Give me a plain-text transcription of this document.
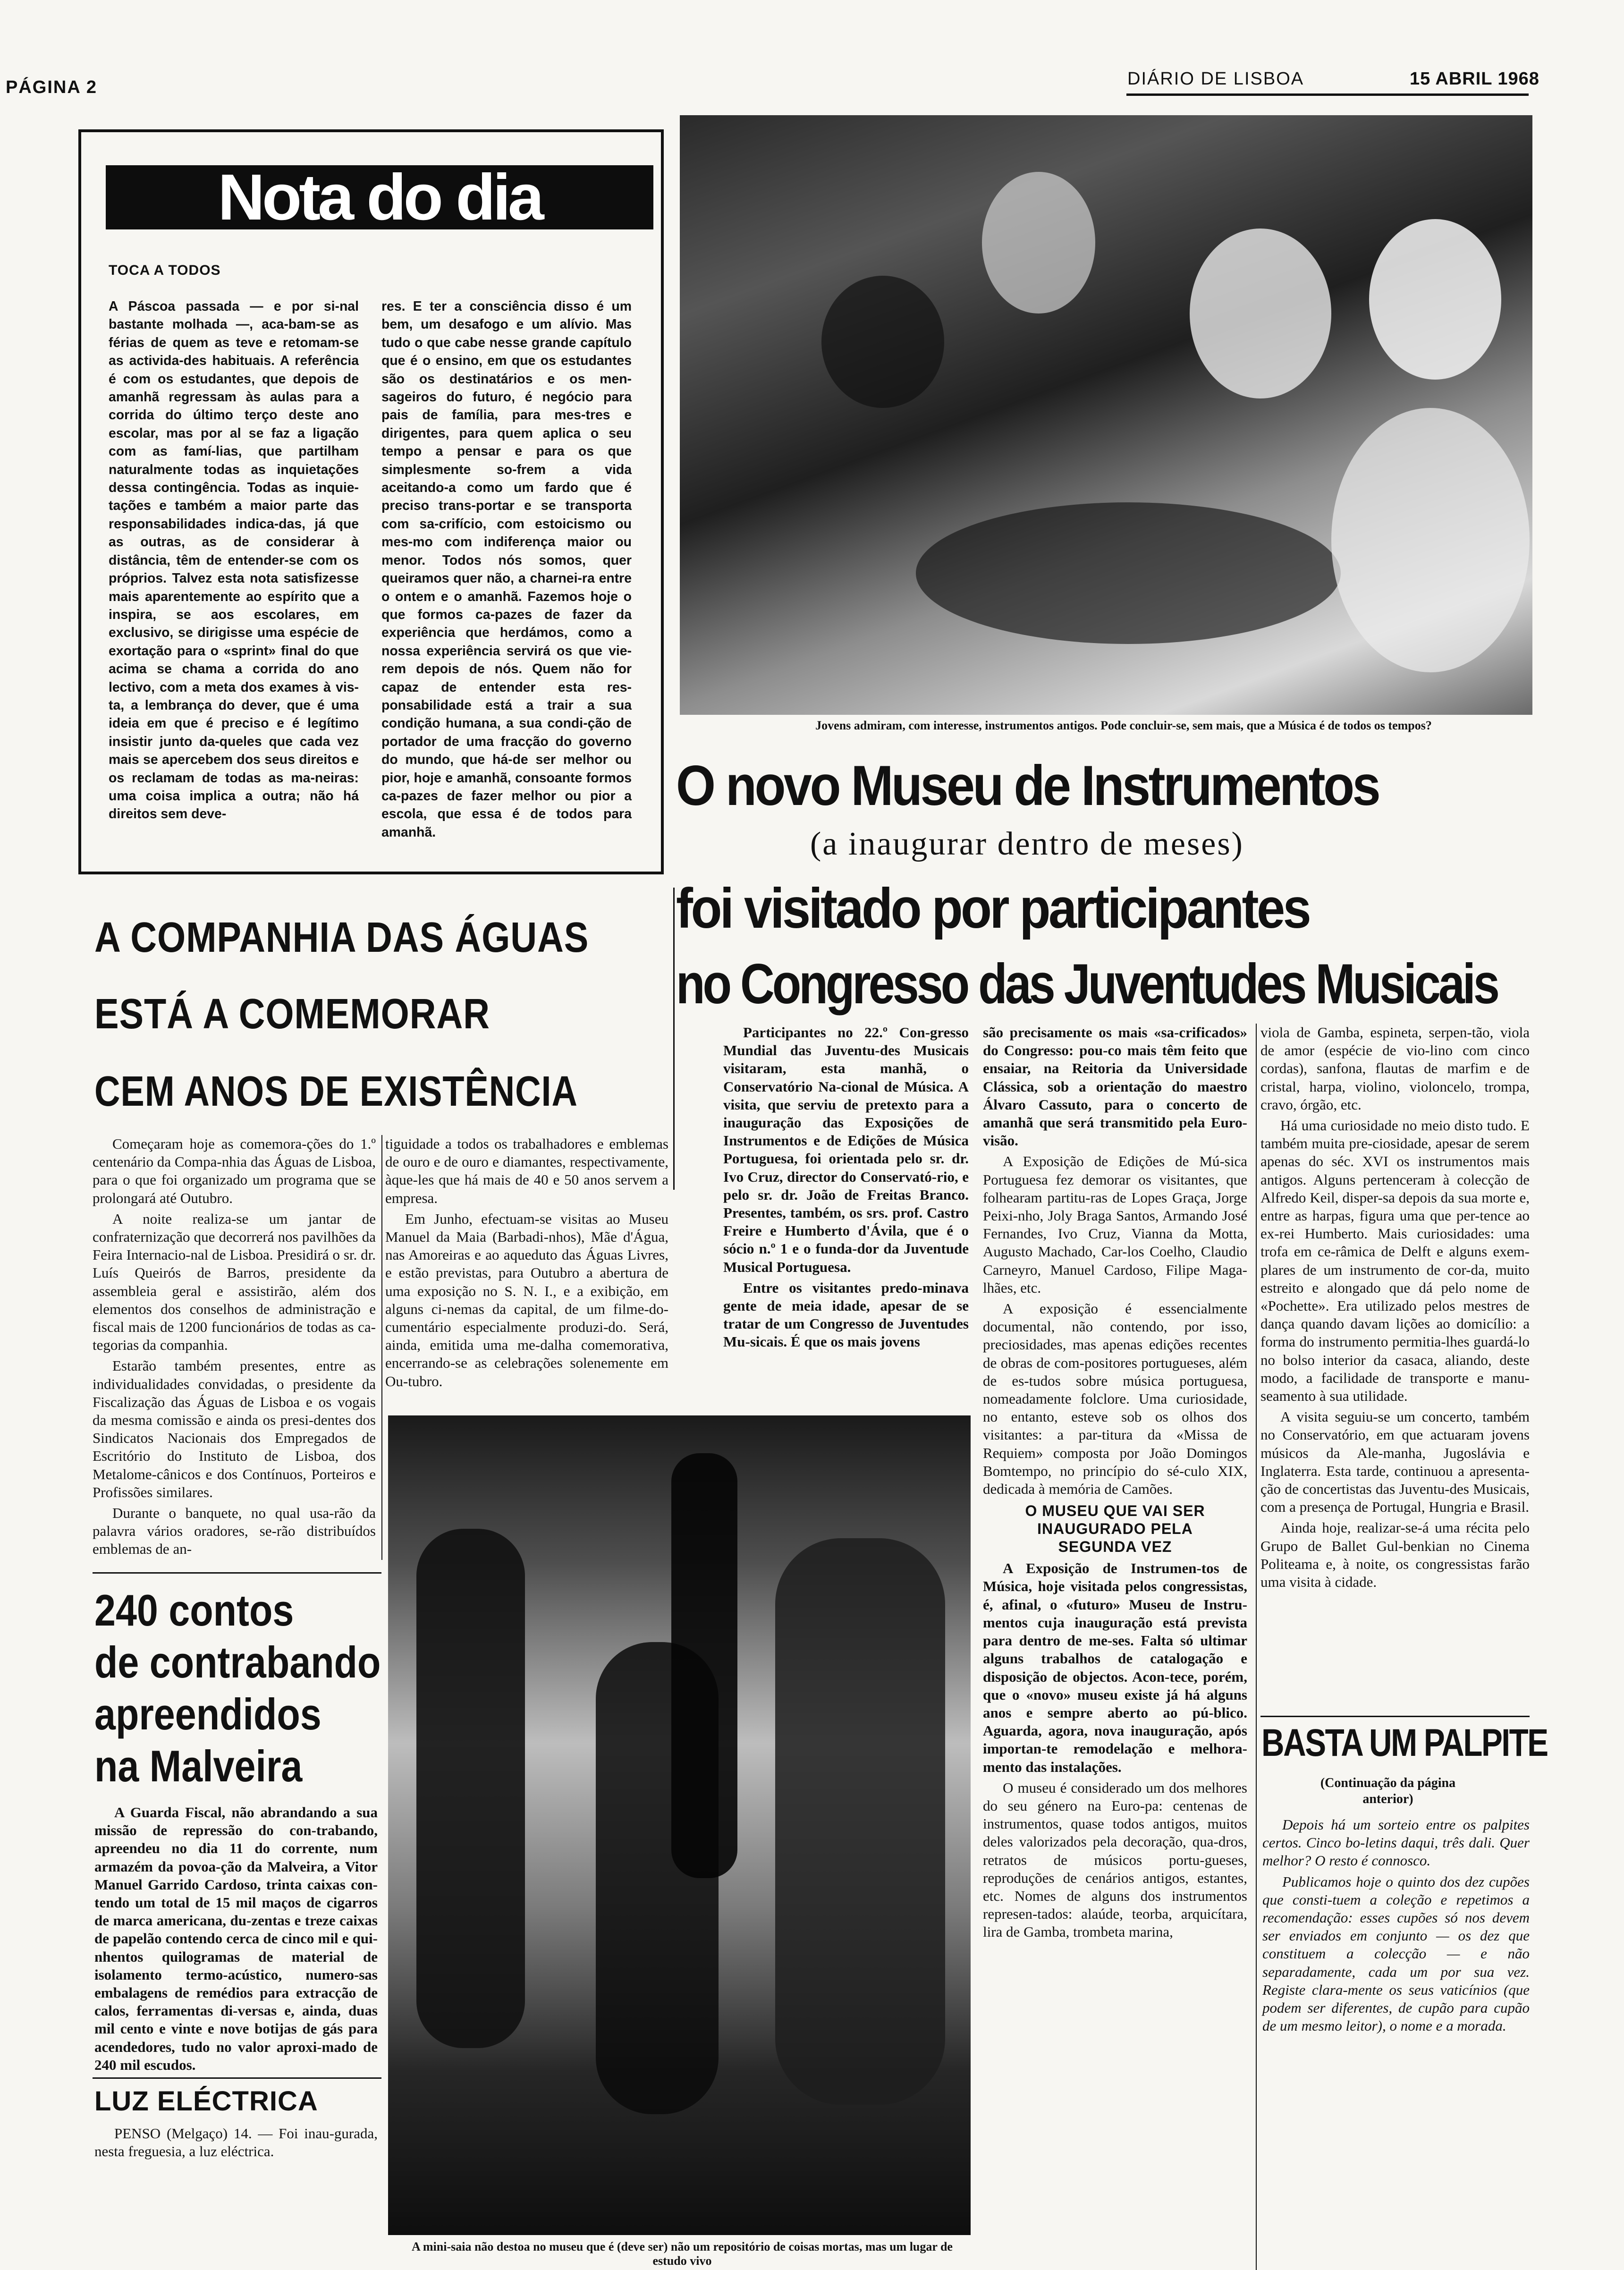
PÁGINA 2	DIÁRIO DE LISBOA	15 ABRIL 1968
Nota do dia
TOCA A TODOS
A Páscoa passada — e por si-nal bastante molhada —, aca-bam-se as férias de quem as teve e retomam-se as activida-des habituais. A referência é com os estudantes, que depois de amanhã regressam às aulas para a corrida do último terço deste ano escolar, mas por al se faz a ligação com as famí-lias, que partilham naturalmente todas as inquietações dessa contingência. Todas as inquie-tações e também a maior parte das responsabilidades indica-das, já que as outras, as de considerar à distância, têm de entender-se com os próprios. Talvez esta nota satisfizesse mais aparentemente ao espírito que a inspira, se aos escolares, em exclusivo, se dirigisse uma espécie de exortação para o «sprint» final do que acima se chama a corrida do ano lectivo, com a meta dos exames à vis-ta, a lembrança do dever, que é uma ideia em que é preciso e é legítimo insistir junto da-queles que cada vez mais se apercebem dos seus direitos e os reclamam de todas as ma-neiras: uma coisa implica a outra; não há direitos sem deve-
res. E ter a consciência disso é um bem, um desafogo e um alívio. Mas tudo o que cabe nesse grande capítulo que é o ensino, em que os estudantes são os destinatários e os men-sageiros do futuro, é negócio para pais de família, para mes-tres e dirigentes, para quem aplica o seu tempo a pensar e para os que simplesmente so-frem a vida aceitando-a como um fardo que é preciso trans-portar e se transporta com sa-crifício, com estoicismo ou mes-mo com indiferença maior ou menor. Todos nós somos, quer queiramos quer não, a charnei-ra entre o ontem e o amanhã. Fazemos hoje o que formos ca-pazes de fazer da experiência que herdámos, como a nossa experiência servirá os que vie-rem depois de nós. Quem não for capaz de entender esta res-ponsabilidade está a trair a sua condição humana, a sua condi-ção de portador de uma fracção do governo do mundo, que há-de ser melhor ou pior, hoje e amanhã, consoante formos ca-pazes de fazer melhor ou pior a escola, que essa é de todos para amanhã.

Jovens admiram, com interesse, instrumentos antigos. Pode concluir-se, sem mais, que a Música é de todos os tempos?

O novo Museu de Instrumentos
(a inaugurar dentro de meses)
foi visitado por participantes
no Congresso das Juventudes Musicais

Participantes no 22.º Con-gresso Mundial das Juventu-des Musicais visitaram, esta manhã, o Conservatório Na-cional de Música. A visita, que serviu de pretexto para a inauguração das Exposições de Instrumentos e de Edições de Música Portuguesa, foi orientada pelo sr. dr. Ivo Cruz, director do Conservató-rio, e pelo sr. dr. João de Freitas Branco. Presentes, também, os srs. prof. Castro Freire e Humberto d'Ávila, que é o sócio n.º 1 e o funda-dor da Juventude Musical Portuguesa.

Entre os visitantes predo-minava gente de meia idade, apesar de se tratar de um Congresso de Juventudes Mu-sicais. É que os mais jovens

são precisamente os mais «sa-crificados» do Congresso: pou-co mais têm feito que ensaiar, na Reitoria da Universidade Clássica, sob a orientação do maestro Álvaro Cassuto, para o concerto de amanhã que será transmitido pela Euro-visão.

A Exposição de Edições de Mú-sica Portuguesa fez demorar os visitantes, que folhearam partitu-ras de Lopes Graça, Jorge Peixi-nho, Joly Braga Santos, Armando José Fernandes, Ivo Cruz, Vianna da Motta, Augusto Machado, Car-los Coelho, Claudio Carneyro, Manuel Cardoso, Filipe Maga-lhães, etc.

A exposição é essencialmente documental, não contendo, por isso, preciosidades, mas apenas edições recentes de obras de com-positores portugueses, além de es-tudos sobre música portuguesa, nomeadamente folclore. Uma curiosidade, no entanto, esteve sob os olhos dos visitantes: a par-titura da «Missa de Requiem» composta por João Domingos Bomtempo, no princípio do sé-culo XIX, dedicada à memória de Camões.

O MUSEU QUE VAI SER INAUGURADO PELA SEGUNDA VEZ

A Exposição de Instrumen-tos de Música, hoje visitada pelos congressistas, é, afinal, o «futuro» Museu de Instru-mentos cuja inauguração está prevista para dentro de me-ses. Falta só ultimar alguns trabalhos de catalogação e disposição de objectos. Acon-tece, porém, que o «novo» museu existe já há alguns anos e sempre aberto ao pú-blico. Aguarda, agora, nova inauguração, após importan-te remodelação e melhora-mento das instalações.

O museu é considerado um dos melhores do seu género na Euro-pa: centenas de instrumentos, quase todos antigos, muitos deles valorizados pela decoração, qua-dros, retratos de músicos portu-gueses, reproduções de cenários antigos, estantes, etc. Nomes de alguns dos instrumentos represen-tados: alaúde, teorba, arquicítara, lira de Gamba, trombeta marina,

viola de Gamba, espineta, serpen-tão, viola de amor (espécie de vio-lino com cinco cordas), sanfona, flautas de marfim e de cristal, harpa, violino, violoncelo, trompa, cravo, órgão, etc.

Há uma curiosidade no meio disto tudo. E também muita pre-ciosidade, apesar de serem apenas do séc. XVI os instrumentos mais antigos. Alguns pertenceram à colecção de Alfredo Keil, disper-sa depois da sua morte e, entre as harpas, figura uma que per-tence ao ex-rei Humberto. Mais curiosidades: uma trofa em ce-râmica de Delft e alguns exem-plares de um instrumento de cor-da, muito estreito e alongado que dá pelo nome de «Pochette». Era utilizado pelos mestres de dança quando davam lições ao domicílio: a forma do instrumento permitia-lhes guardá-lo no bolso interior da casaca, aliando, deste modo, a facilidade de transporte e manu-seamento à sua utilidade.

A visita seguiu-se um concerto, também no Conservatório, em que actuaram jovens músicos da Ale-manha, Jugoslávia e Inglaterra. Esta tarde, continuou a apresenta-ção de concertistas das Juventu-des Musicais, com a presença de Portugal, Hungria e Brasil.

Ainda hoje, realizar-se-á uma récita pelo Grupo de Ballet Gul-benkian no Cinema Politeama e, à noite, os congressistas farão uma visita à cidade.

A COMPANHIA DAS ÁGUAS
ESTÁ A COMEMORAR
CEM ANOS DE EXISTÊNCIA

Começaram hoje as comemora-ções do 1.º centenário da Compa-nhia das Águas de Lisboa, para o que foi organizado um programa que se prolongará até Outubro.

A noite realiza-se um jantar de confraternização que decorrerá nos pavilhões da Feira Internacio-nal de Lisboa. Presidirá o sr. dr. Luís Queirós de Barros, presidente da assembleia geral e assistirão, além dos elementos dos conselhos de administração e fiscal mais de 1200 funcionários de todas as ca-tegorias da companhia.

Estarão também presentes, entre as individualidades convidadas, o presidente da Fiscalização das Águas de Lisboa e os vogais da mesma comissão e ainda os presi-dentes dos Sindicatos Nacionais dos Empregados de Escritório do Instituto de Lisboa, dos Metalome-cânicos e dos Contínuos, Porteiros e Profissões similares.

Durante o banquete, no qual usa-rão da palavra vários oradores, se-rão distribuídos emblemas de an-

tiguidade a todos os trabalhadores e emblemas de ouro e de ouro e diamantes, respectivamente, àque-les que há mais de 40 e 50 anos servem a empresa.

Em Junho, efectuam-se visitas ao Museu Manuel da Maia (Barbadi-nhos), Mãe d'Água, nas Amoreiras e ao aqueduto das Águas Livres, e estão previstas, para Outubro a abertura de uma exposição no S. N. I., e a exibição, em alguns ci-nemas da capital, de um filme-do-cumentário especialmente produzi-do. Será, ainda, emitida uma me-dalha comemorativa, encerrando-se as celebrações solenemente em Ou-tubro.

A mini-saia não destoa no museu que é (deve ser) não um repositório de coisas mortas, mas um lugar de estudo vivo

240 contos
de contrabando
apreendidos
na Malveira

A Guarda Fiscal, não abrandando a sua missão de repressão do con-trabando, apreendeu no dia 11 do corrente, num armazém da povoa-ção da Malveira, a Vitor Manuel Garrido Cardoso, trinta caixas con-tendo um total de 15 mil maços de cigarros de marca americana, du-zentas e treze caixas de papelão contendo cerca de cinco mil e qui-nhentos quilogramas de material de isolamento termo-acústico, numero-sas embalagens de remédios para extracção de calos, ferramentas di-versas e, ainda, duas mil cento e vinte e nove botijas de gás para acendedores, tudo no valor aproxi-mado de 240 mil escudos.

LUZ ELÉCTRICA

PENSO (Melgaço) 14. — Foi inau-gurada, nesta freguesia, a luz eléctrica.

BASTA UM PALPITE
(Continuação da página anterior)

Depois há um sorteio entre os palpites certos. Cinco bo-letins daqui, três dali. Quer melhor? O resto é connosco.

Publicamos hoje o quinto dos dez cupões que consti-tuem a coleção e repetimos a recomendação: esses cupões só nos devem ser enviados em conjunto — os dez que constituem a colecção — e não separadamente, cada um por sua vez. Registe clara-mente os seus vaticínios (que podem ser diferentes, de cupão para cupão de um mesmo leitor), o nome e a morada.
